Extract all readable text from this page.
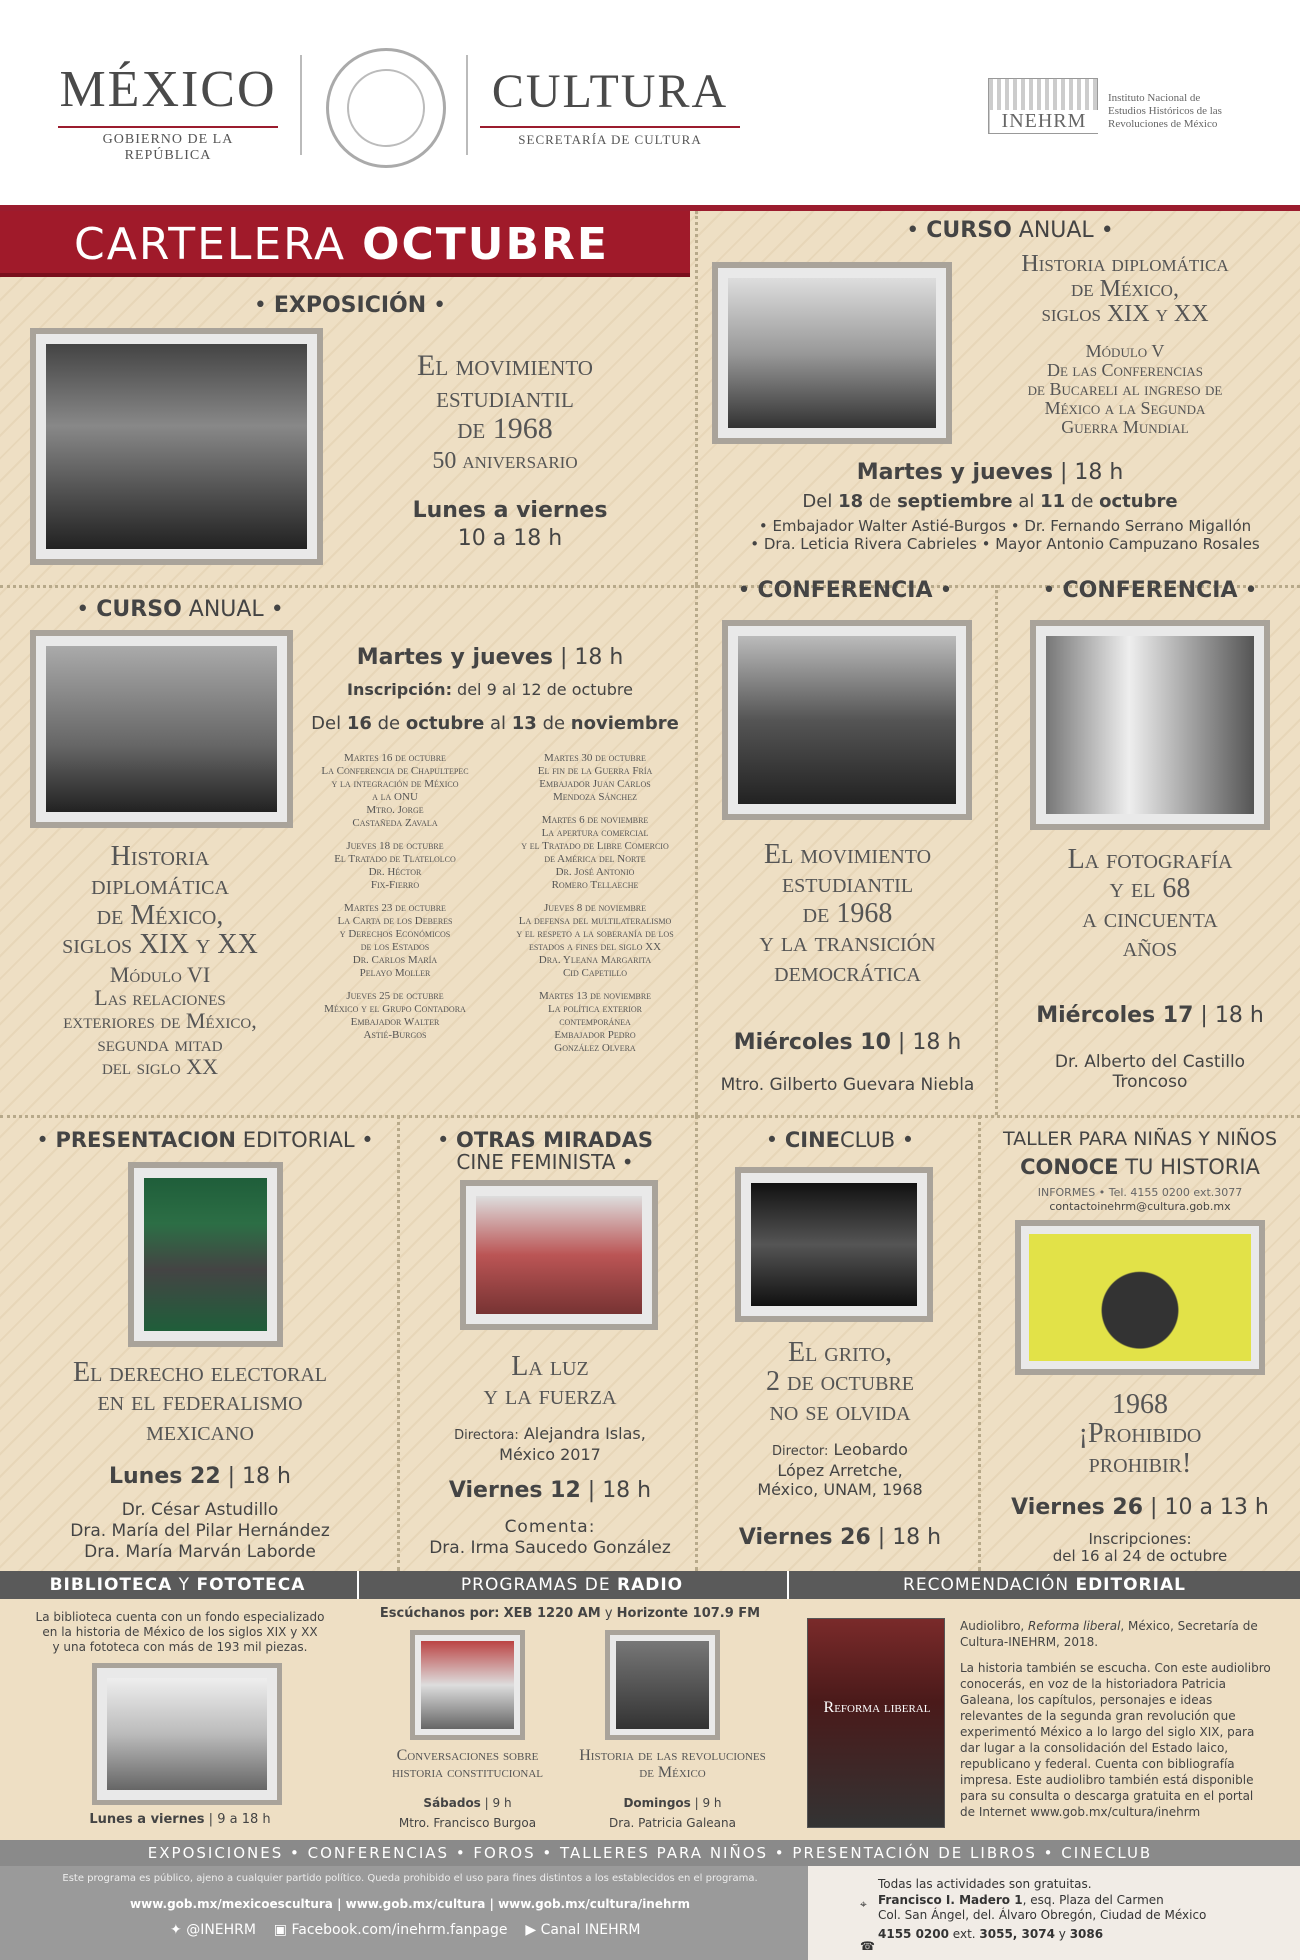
MÉXICO
GOBIERNO DE LA REPÚBLICA
CULTURA
SECRETARÍA DE CULTURA
INEHRM
Instituto Nacional de Estudios Históricos de las Revoluciones de México
CARTELERA OCTUBRE
• EXPOSICIÓN •
El movimiento
estudiantil
de 1968
50 aniversario
Lunes a viernes
10 a 18 h
• CURSO ANUAL •
Historia diplomática
de México,
siglos XIX y XX
Módulo V
De las Conferencias
de Bucareli al ingreso de
México a la Segunda
Guerra Mundial
Martes y jueves | 18 h
Del 18 de septiembre al 11 de octubre
• Embajador Walter Astié-Burgos • Dr. Fernando Serrano Migallón
• Dra. Leticia Rivera Cabrieles • Mayor Antonio Campuzano Rosales
• CURSO ANUAL •
Historia
diplomática
de México,
siglos XIX y XX
Módulo VI
Las relaciones
exteriores de México,
segunda mitad
del siglo XX
Martes y jueves | 18 h
Inscripción: del 9 al 12 de octubre
Del 16 de octubre al 13 de noviembre
Martes 16 de octubre
La Conferencia de Chapultepec
y la integración de México
a la ONU
Mtro. Jorge
Castañeda Zavala
Jueves 18 de octubre
El Tratado de Tlatelolco
Dr. Héctor
Fix-Fierro
Martes 23 de octubre
La Carta de los Deberes
y Derechos Económicos
de los Estados
Dr. Carlos María
Pelayo Moller
Jueves 25 de octubre
México y el Grupo Contadora
Embajador Walter
Astié-Burgos
Martes 30 de octubre
El fin de la Guerra Fría
Embajador Juan Carlos
Mendoza Sánchez
Martes 6 de noviembre
La apertura comercial
y el Tratado de Libre Comercio
de América del Norte
Dr. José Antonio
Romero Tellaeche
Jueves 8 de noviembre
La defensa del multilateralismo
y el respeto a la soberanía de los
estados a fines del siglo XX
Dra. Yleana Margarita
Cid Capetillo
Martes 13 de noviembre
La política exterior
contemporánea
Embajador Pedro
González Olvera
• CONFERENCIA •
El movimiento
estudiantil
de 1968
y la transición
democrática
Miércoles 10 | 18 h
Mtro. Gilberto Guevara Niebla
• CONFERENCIA •
La fotografía
y el 68
a cincuenta
años
Miércoles 17 | 18 h
Dr. Alberto del Castillo
Troncoso
• PRESENTACION EDITORIAL •
El derecho electoral
en el federalismo
mexicano
Lunes 22 | 18 h
Dr. César Astudillo
Dra. María del Pilar Hernández
Dra. María Marván Laborde
• OTRAS MIRADAS
CINE FEMINISTA •
La luz
y la fuerza
Directora: Alejandra Islas,
México 2017
Viernes 12 | 18 h
Comenta:
Dra. Irma Saucedo González
• CINECLUB •
El grito,
2 de octubre
no se olvida
Director: Leobardo
López Arretche,
México, UNAM, 1968
Viernes 26 | 18 h
TALLER PARA NIÑAS Y NIÑOS
CONOCE TU HISTORIA
INFORMES • Tel. 4155 0200 ext.3077
contactoinehrm@cultura.gob.mx
1968
¡Prohibido
prohibir!
Viernes 26 | 10 a 13 h
Inscripciones:
del 16 al 24 de octubre
BIBLIOTECA Y FOTOTECA	PROGRAMAS DE RADIO	RECOMENDACIÓN EDITORIAL
La biblioteca cuenta con un fondo especializado
en la historia de México de los siglos XIX y XX
y una fototeca con más de 193 mil piezas.
Lunes a viernes | 9 a 18 h
Escúchanos por: XEB 1220 AM y Horizonte 107.9 FM
Conversaciones sobre
historia constitucional
Sábados | 9 h
Mtro. Francisco Burgoa
Historia de las revoluciones
de México
Domingos | 9 h
Dra. Patricia Galeana
Reforma liberal
Audiolibro, Reforma liberal, México, Secretaría de
Cultura-INEHRM, 2018.
La historia también se escucha. Con este audiolibro
conocerás, en voz de la historiadora Patricia
Galeana, los capítulos, personajes e ideas
relevantes de la segunda gran revolución que
experimentó México a lo largo del siglo XIX, para
dar lugar a la consolidación del Estado laico,
republicano y federal. Cuenta con bibliografía
impresa. Este audiolibro también está disponible
para su consulta o descarga gratuita en el portal
de Internet www.gob.mx/cultura/inehrm
EXPOSICIONES • CONFERENCIAS • FOROS • TALLERES PARA NIÑOS • PRESENTACIÓN DE LIBROS • CINECLUB
Este programa es público, ajeno a cualquier partido político. Queda prohibido el uso para fines distintos a los establecidos en el programa.
www.gob.mx/mexicoescultura | www.gob.mx/cultura | www.gob.mx/cultura/inehrm
✦ @INEHRM ▣ Facebook.com/inehrm.fanpage ▶ Canal INEHRM
Todas las actividades son gratuitas.
⌖ Francisco I. Madero 1, esq. Plaza del Carmen
Col. San Ángel, del. Álvaro Obregón, Ciudad de México
☎
4155 0200 ext. 3055, 3074 y 3086
